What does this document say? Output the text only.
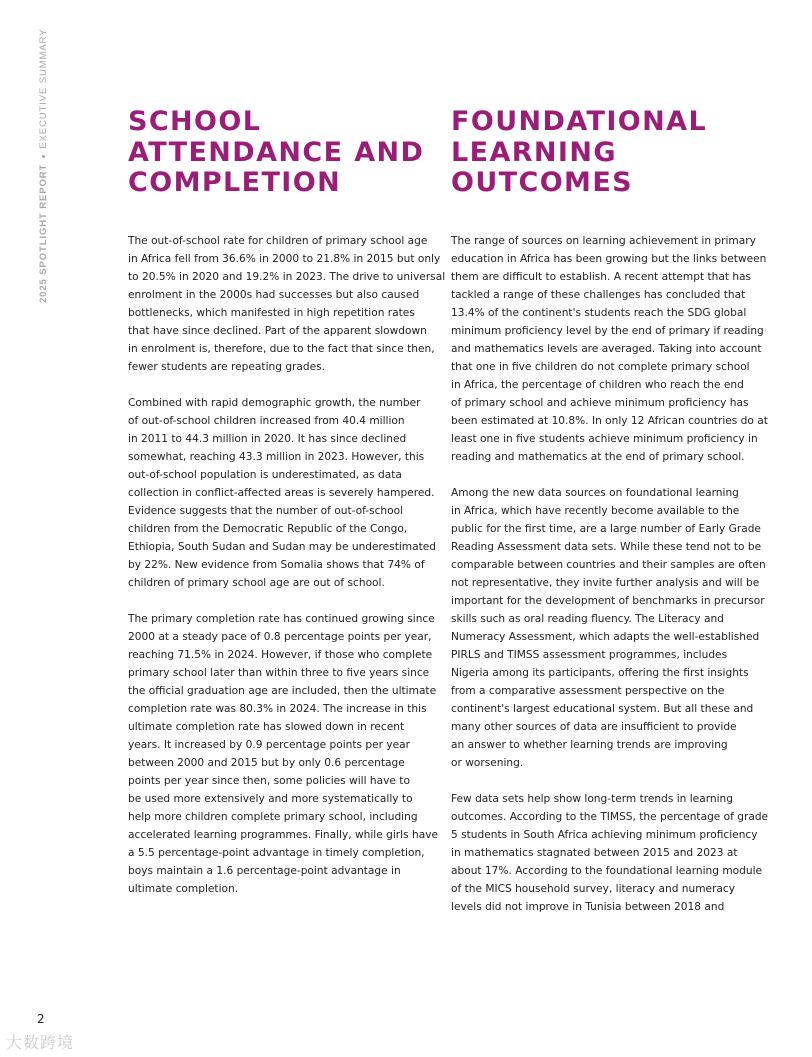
2025 SPOTLIGHT REPORTEXECUTIVE SUMMARY	SCHOOL
ATTENDANCE AND
COMPLETION

The out-of-school rate for children of primary school age
in Africa fell from 36.6% in 2000 to 21.8% in 2015 but only
to 20.5% in 2020 and 19.2% in 2023. The drive to universal
enrolment in the 2000s had successes but also caused
bottlenecks, which manifested in high repetition rates
that have since declined. Part of the apparent slowdown
in enrolment is, therefore, due to the fact that since then,
fewer students are repeating grades.

Combined with rapid demographic growth, the number
of out-of-school children increased from 40.4 million
in 2011 to 44.3 million in 2020. It has since declined
somewhat, reaching 43.3 million in 2023. However, this
out-of-school population is underestimated, as data
collection in conflict-affected areas is severely hampered.
Evidence suggests that the number of out-of-school
children from the Democratic Republic of the Congo,
Ethiopia, South Sudan and Sudan may be underestimated
by 22%. New evidence from Somalia shows that 74% of
children of primary school age are out of school.

The primary completion rate has continued growing since
2000 at a steady pace of 0.8 percentage points per year,
reaching 71.5% in 2024. However, if those who complete
primary school later than within three to five years since
the official graduation age are included, then the ultimate
completion rate was 80.3% in 2024. The increase in this
ultimate completion rate has slowed down in recent
years. It increased by 0.9 percentage points per year
between 2000 and 2015 but by only 0.6 percentage
points per year since then, some policies will have to
be used more extensively and more systematically to
help more children complete primary school, including
accelerated learning programmes. Finally, while girls have
a 5.5 percentage-point advantage in timely completion,
boys maintain a 1.6 percentage-point advantage in
ultimate completion.

FOUNDATIONAL
LEARNING
OUTCOMES

The range of sources on learning achievement in primary
education in Africa has been growing but the links between
them are difficult to establish. A recent attempt that has
tackled a range of these challenges has concluded that
13.4% of the continent's students reach the SDG global
minimum proficiency level by the end of primary if reading
and mathematics levels are averaged. Taking into account
that one in five children do not complete primary school
in Africa, the percentage of children who reach the end
of primary school and achieve minimum proficiency has
been estimated at 10.8%. In only 12 African countries do at
least one in five students achieve minimum proficiency in
reading and mathematics at the end of primary school.

Among the new data sources on foundational learning
in Africa, which have recently become available to the
public for the first time, are a large number of Early Grade
Reading Assessment data sets. While these tend not to be
comparable between countries and their samples are often
not representative, they invite further analysis and will be
important for the development of benchmarks in precursor
skills such as oral reading fluency. The Literacy and
Numeracy Assessment, which adapts the well-established
PIRLS and TIMSS assessment programmes, includes
Nigeria among its participants, offering the first insights
from a comparative assessment perspective on the
continent's largest educational system. But all these and
many other sources of data are insufficient to provide
an answer to whether learning trends are improving
or worsening.

Few data sets help show long-term trends in learning
outcomes. According to the TIMSS, the percentage of grade
5 students in South Africa achieving minimum proficiency
in mathematics stagnated between 2015 and 2023 at
about 17%. According to the foundational learning module
of the MICS household survey, literacy and numeracy
levels did not improve in Tunisia between 2018 and

2
大数跨境
